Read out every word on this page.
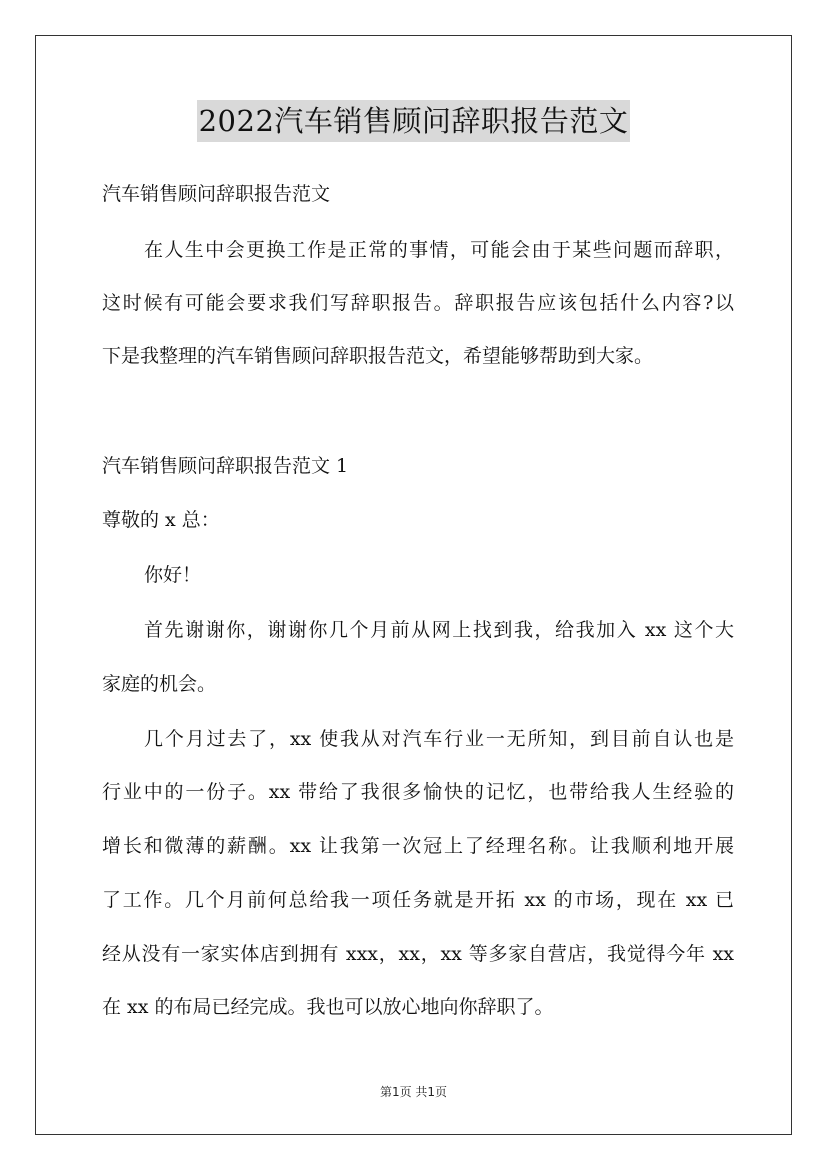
2022汽车销售顾问辞职报告范文
汽车销售顾问辞职报告范文
在人生中会更换工作是正常的事情，可能会由于某些问题而辞职，
这时候有可能会要求我们写辞职报告。辞职报告应该包括什么内容?以
下是我整理的汽车销售顾问辞职报告范文，希望能够帮助到大家。
汽车销售顾问辞职报告范文 1
尊敬的 x 总：
你好！
首先谢谢你，谢谢你几个月前从网上找到我，给我加入 xx 这个大
家庭的机会。
几个月过去了，xx 使我从对汽车行业一无所知，到目前自认也是
行业中的一份子。xx 带给了我很多愉快的记忆，也带给我人生经验的
增长和微薄的薪酬。xx 让我第一次冠上了经理名称。让我顺利地开展
了工作。几个月前何总给我一项任务就是开拓 xx 的市场，现在 xx 已
经从没有一家实体店到拥有 xxx，xx，xx 等多家自营店，我觉得今年 xx
在 xx 的布局已经完成。我也可以放心地向你辞职了。
第1页 共1页
